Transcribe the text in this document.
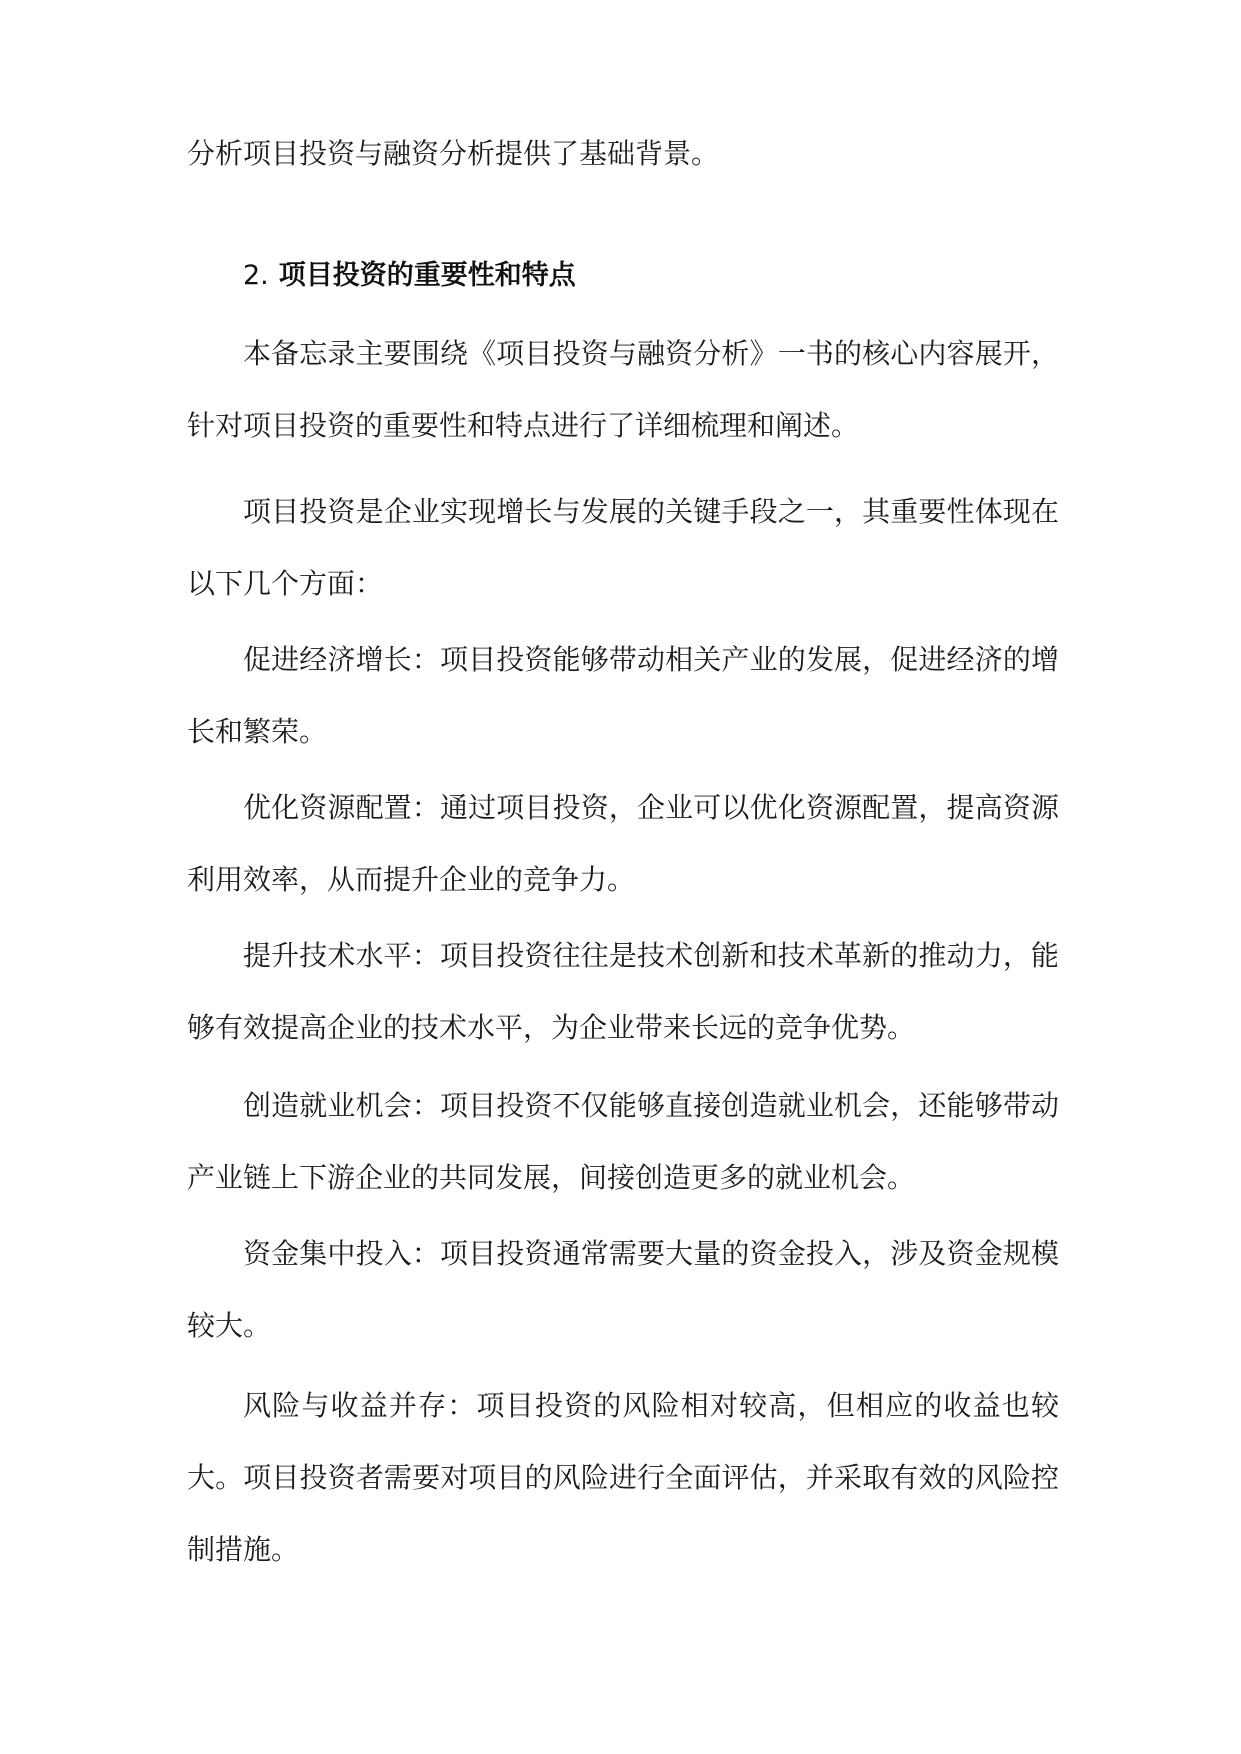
分析项目投资与融资分析提供了基础背景。

2. 项目投资的重要性和特点

本备忘录主要围绕《项目投资与融资分析》一书的核心内容展开，针对项目投资的重要性和特点进行了详细梳理和阐述。

项目投资是企业实现增长与发展的关键手段之一，其重要性体现在以下几个方面：

促进经济增长：项目投资能够带动相关产业的发展，促进经济的增长和繁荣。

优化资源配置：通过项目投资，企业可以优化资源配置，提高资源利用效率，从而提升企业的竞争力。

提升技术水平：项目投资往往是技术创新和技术革新的推动力，能够有效提高企业的技术水平，为企业带来长远的竞争优势。

创造就业机会：项目投资不仅能够直接创造就业机会，还能够带动产业链上下游企业的共同发展，间接创造更多的就业机会。

资金集中投入：项目投资通常需要大量的资金投入，涉及资金规模较大。

风险与收益并存：项目投资的风险相对较高，但相应的收益也较大。项目投资者需要对项目的风险进行全面评估，并采取有效的风险控制措施。
